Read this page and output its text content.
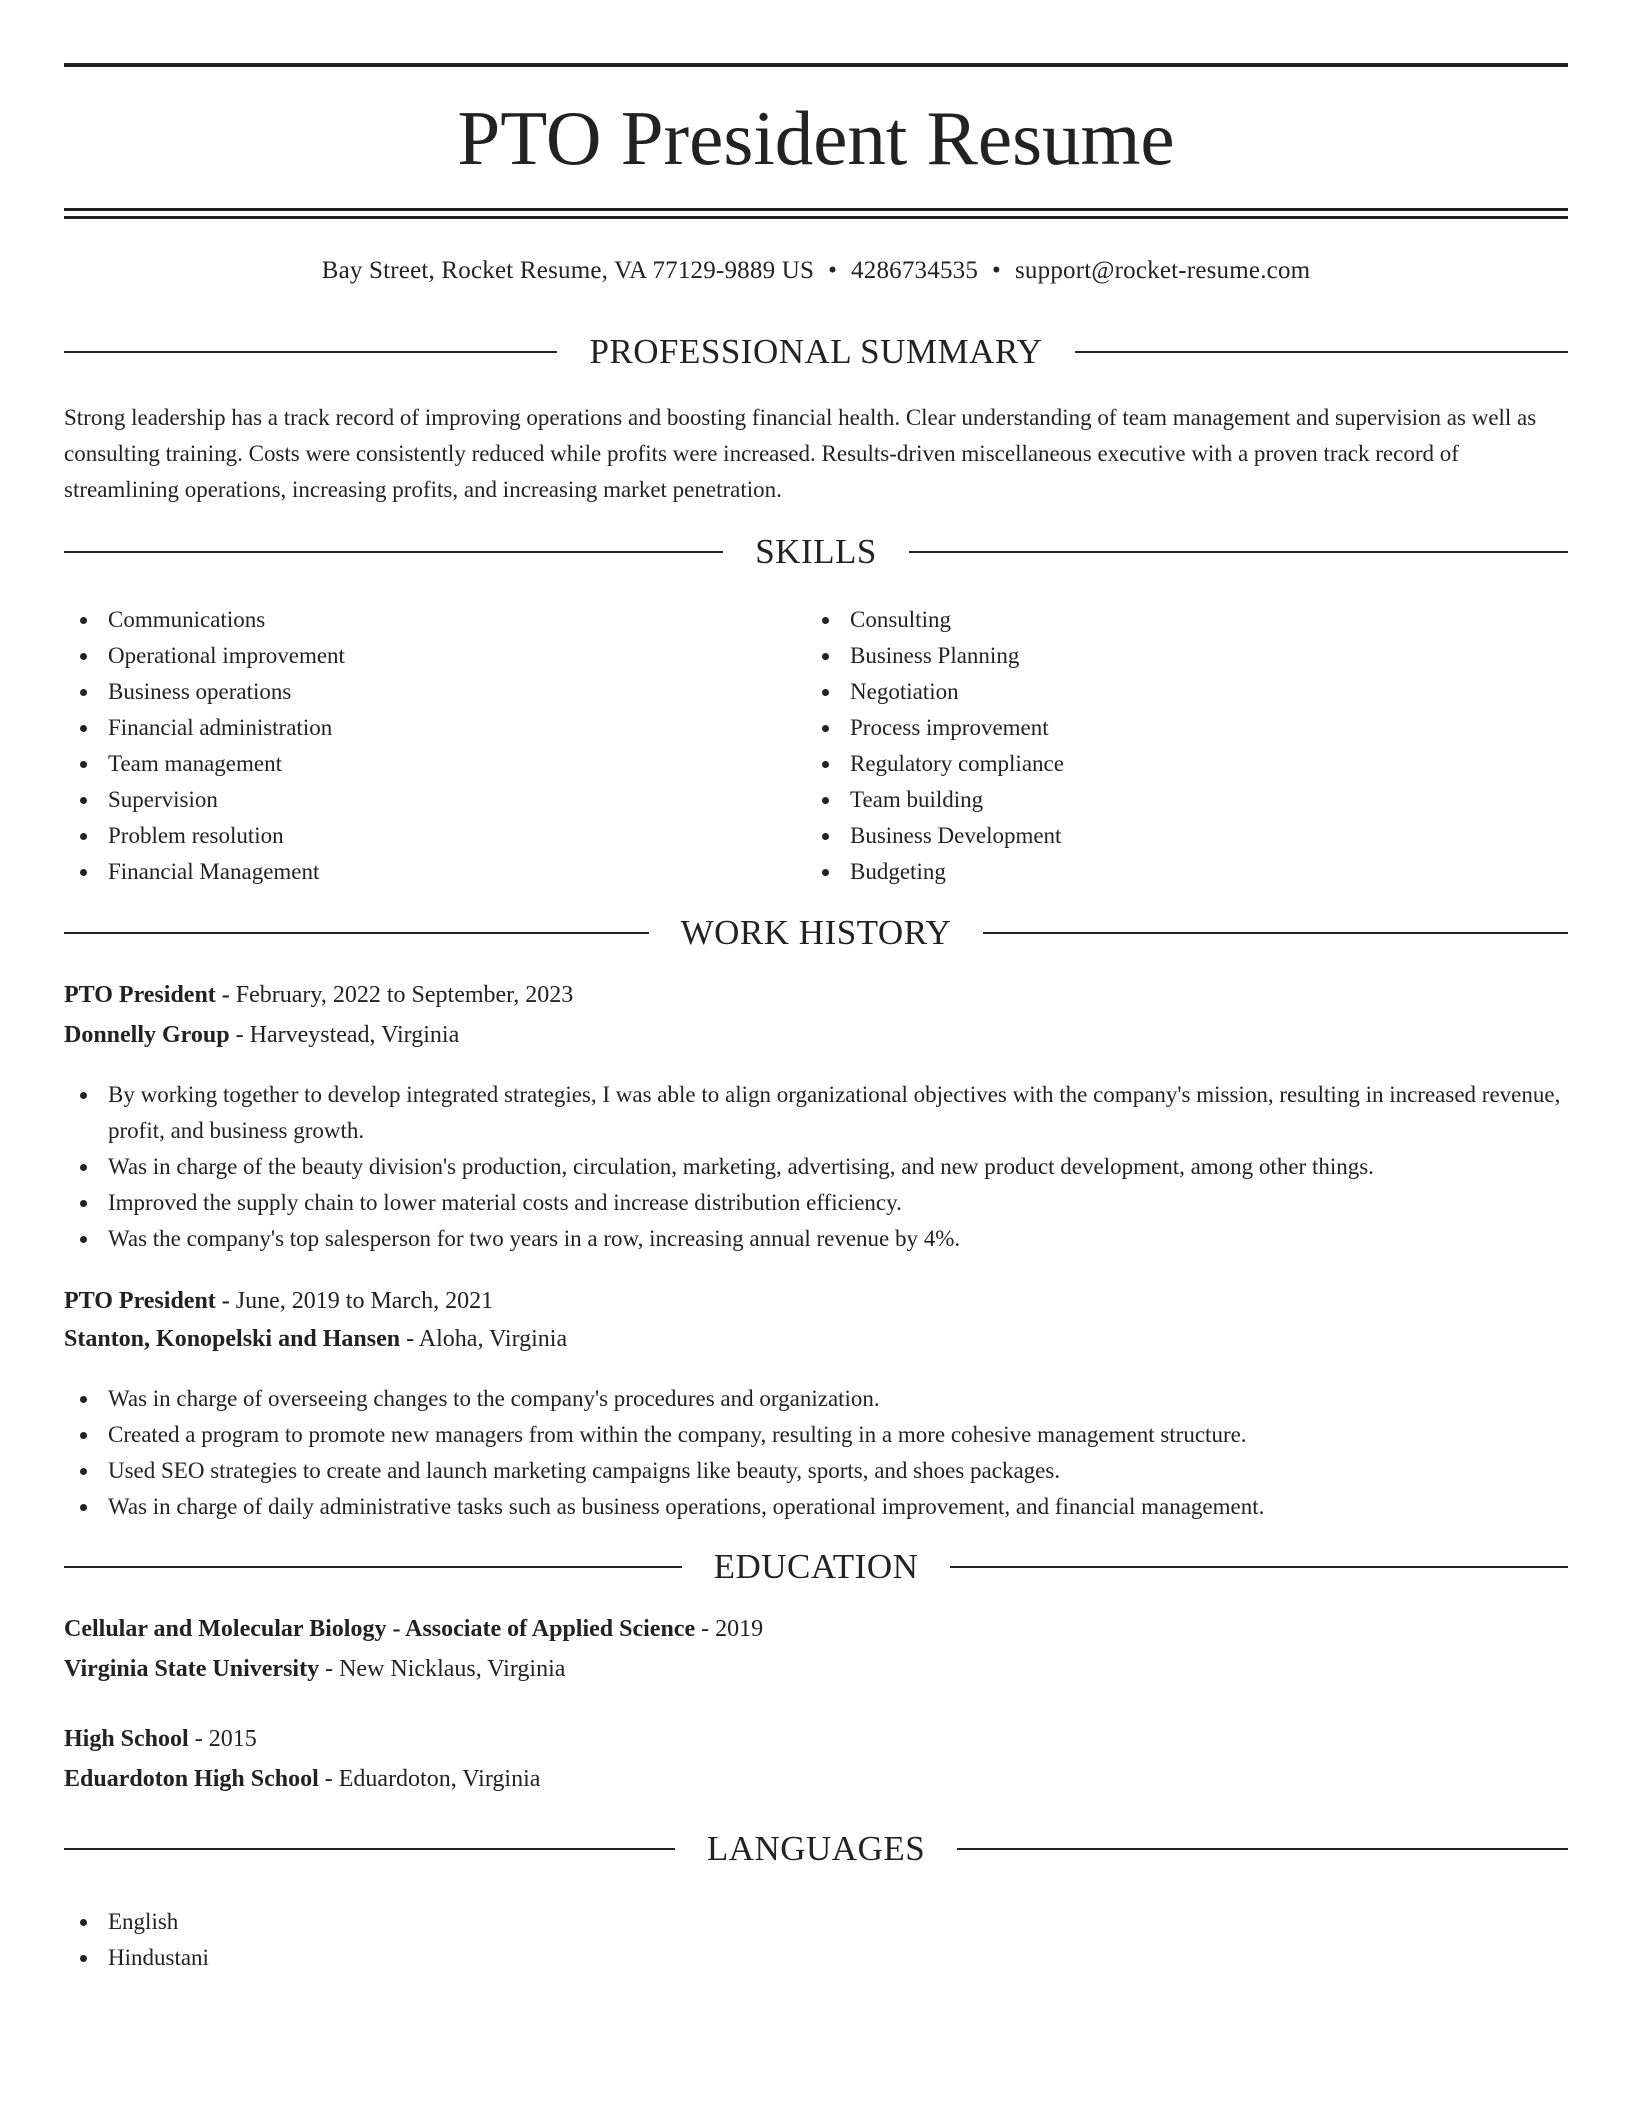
PTO President Resume
Bay Street, Rocket Resume, VA 77129-9889 US • 4286734535 • support@rocket-resume.com
PROFESSIONAL SUMMARY
Strong leadership has a track record of improving operations and boosting financial health. Clear understanding of team management and supervision as well as consulting training. Costs were consistently reduced while profits were increased. Results-driven miscellaneous executive with a proven track record of streamlining operations, increasing profits, and increasing market penetration.
SKILLS
Communications
Operational improvement
Business operations
Financial administration
Team management
Supervision
Problem resolution
Financial Management
Consulting
Business Planning
Negotiation
Process improvement
Regulatory compliance
Team building
Business Development
Budgeting
WORK HISTORY
PTO President - February, 2022 to September, 2023
Donnelly Group - Harveystead, Virginia
By working together to develop integrated strategies, I was able to align organizational objectives with the company's mission, resulting in increased revenue, profit, and business growth.
Was in charge of the beauty division's production, circulation, marketing, advertising, and new product development, among other things.
Improved the supply chain to lower material costs and increase distribution efficiency.
Was the company's top salesperson for two years in a row, increasing annual revenue by 4%.
PTO President - June, 2019 to March, 2021
Stanton, Konopelski and Hansen - Aloha, Virginia
Was in charge of overseeing changes to the company's procedures and organization.
Created a program to promote new managers from within the company, resulting in a more cohesive management structure.
Used SEO strategies to create and launch marketing campaigns like beauty, sports, and shoes packages.
Was in charge of daily administrative tasks such as business operations, operational improvement, and financial management.
EDUCATION
Cellular and Molecular Biology - Associate of Applied Science - 2019
Virginia State University - New Nicklaus, Virginia
High School - 2015
Eduardoton High School - Eduardoton, Virginia
LANGUAGES
English
Hindustani
